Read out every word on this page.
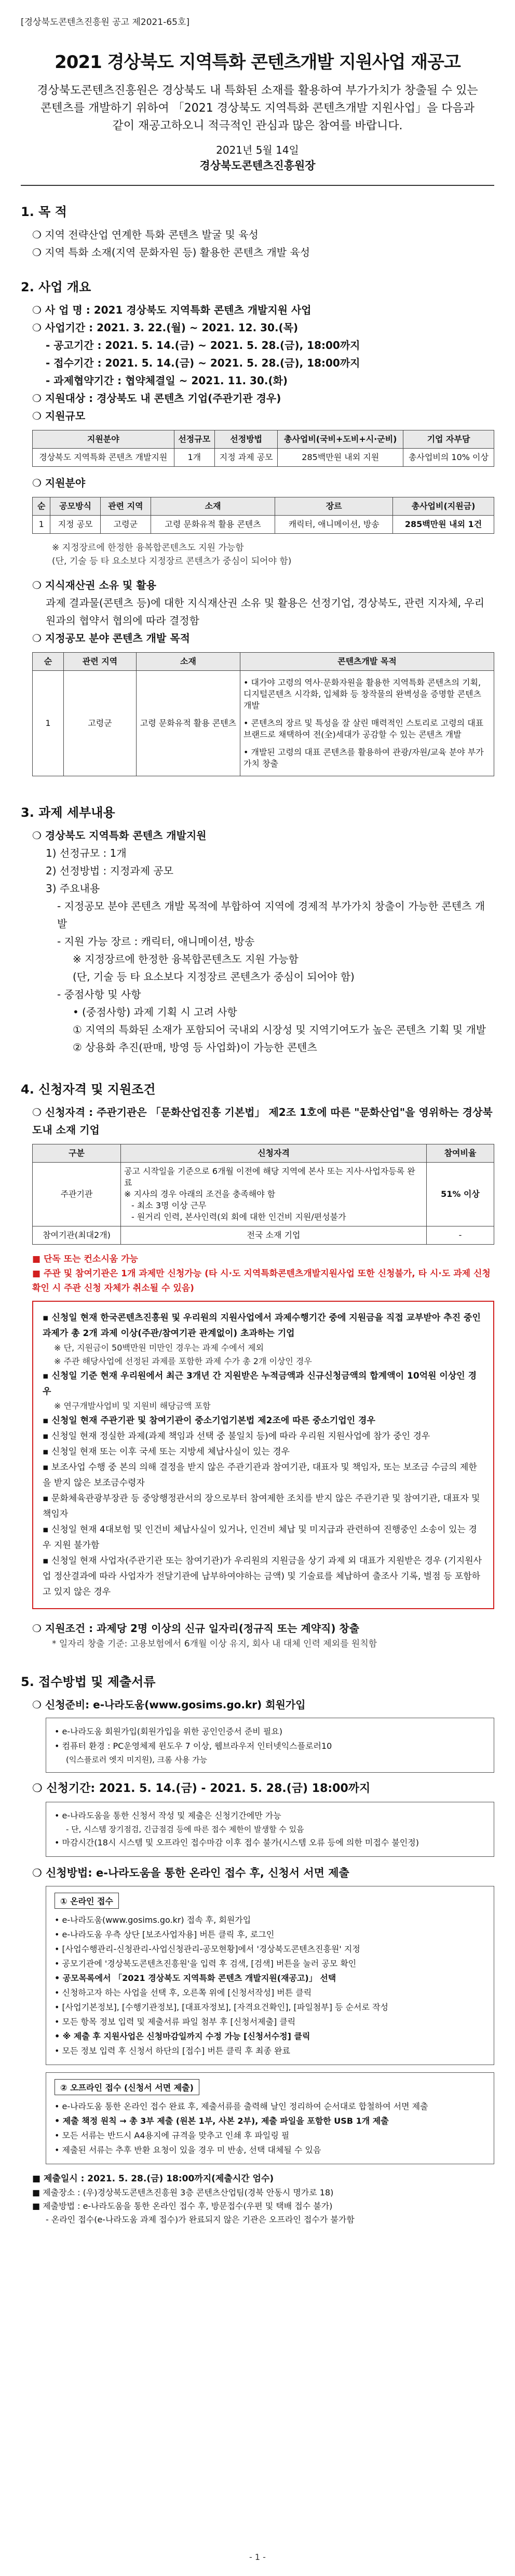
[경상북도콘텐츠진흥원 공고 제2021-65호]
2021 경상북도 지역특화 콘텐츠개발 지원사업 재공고
경상북도콘텐츠진흥원은 경상북도 내 특화된 소재를 활용하여 부가가치가 창출될 수 있는 콘텐츠를 개발하기 위하여 「2021 경상북도 지역특화 콘텐츠개발 지원사업」을 다음과 같이 재공고하오니 적극적인 관심과 많은 참여를 바랍니다.
2021년 5월 14일
경상북도콘텐츠진흥원장
1. 목 적
❍ 지역 전략산업 연계한 특화 콘텐츠 발굴 및 육성
❍ 지역 특화 소재(지역 문화자원 등) 활용한 콘텐츠 개발 육성
2. 사업 개요
❍ 사 업 명 : 2021 경상북도 지역특화 콘텐츠 개발지원 사업
❍ 사업기간 : 2021. 3. 22.(월) ~ 2021. 12. 30.(목)
- 공고기간 : 2021. 5. 14.(금) ~ 2021. 5. 28.(금), 18:00까지
- 접수기간 : 2021. 5. 14.(금) ~ 2021. 5. 28.(금), 18:00까지
- 과제협약기간 : 협약체결일 ~ 2021. 11. 30.(화)
❍ 지원대상 : 경상북도 내 콘텐츠 기업(주관기관 경우)
❍ 지원규모
지원분야	선정규모	선정방법	총사업비(국비+도비+시·군비)	기업 자부담
경상북도 지역특화 콘텐츠 개발지원	1개	지정 과제 공모	285백만원 내외 지원	총사업비의 10% 이상
❍ 지원분야
순	공모방식	관련 지역	소재	장르	총사업비(지원금)
1	지정 공모	고령군	고령 문화유적 활용 콘텐츠	캐릭터, 애니메이션, 방송	285백만원 내외 1건
※ 지정장르에 한정한 융복합콘텐츠도 지원 가능함
(단, 기술 등 타 요소보다 지정장르 콘텐츠가 중심이 되어야 함)
❍ 지식재산권 소유 및 활용
과제 결과물(콘텐츠 등)에 대한 지식재산권 소유 및 활용은 선정기업, 경상북도, 관련 지자체, 우리원과의 협약서 협의에 따라 결정함
❍ 지정공모 분야 콘텐츠 개발 목적
순	관련 지역	소재	콘텐츠개발 목적
1	고령군	고령 문화유적 활용 콘텐츠	• 대가야 고령의 역사·문화자원을 활용한 지역특화 콘텐츠의 기획, 디지털콘텐츠 시각화, 입체화 등 창작물의 완벽성을 증명할 콘텐츠 개발
• 콘텐츠의 장르 및 특성을 잘 살린 매력적인 스토리로 고령의 대표 브랜드로 채택하여 전(全)세대가 공감할 수 있는 콘텐츠 개발
• 개발된 고령의 대표 콘텐츠를 활용하여 관광/자원/교육 분야 부가가치 창출
3. 과제 세부내용
❍ 경상북도 지역특화 콘텐츠 개발지원
1) 선정규모 : 1개
2) 선정방법 : 지정과제 공모
3) 주요내용
- 지정공모 분야 콘텐츠 개발 목적에 부합하여 지역에 경제적 부가가치 창출이 가능한 콘텐츠 개발
- 지원 가능 장르 : 캐릭터, 애니메이션, 방송
※ 지정장르에 한정한 융복합콘텐츠도 지원 가능함
(단, 기술 등 타 요소보다 지정장르 콘텐츠가 중심이 되어야 함)
- 중점사항 및 사항
• (중점사항) 과제 기획 시 고려 사항
① 지역의 특화된 소재가 포함되어 국내외 시장성 및 지역기여도가 높은 콘텐츠 기획 및 개발
② 상용화 추진(판매, 방영 등 사업화)이 가능한 콘텐츠
4. 신청자격 및 지원조건
❍ 신청자격 : 주관기관은 「문화산업진흥 기본법」 제2조 1호에 따른 "문화산업"을 영위하는 경상북도내 소재 기업
구분	신청자격	참여비율
주관기관	공고 시작일을 기준으로 6개월 이전에 해당 지역에 본사 또는 지사·사업자등록 완료
※ 지사의 경우 아래의 조건을 충족해야 함
- 최소 3명 이상 근무
- 원거리 인력, 본사인력(외 회에 대한 인건비 지원/편성불가	51% 이상
참여기관(최대2개)	전국 소재 기업	-
■ 단독 또는 컨소시움 가능
■ 주관 및 참여기관은 1개 과제만 신청가능 (타 시·도 지역특화콘텐츠개발지원사업 또한 신청불가, 타 시·도 과제 신청확인 시 주관 신청 자체가 취소될 수 있음)
▪ 신청일 현재 한국콘텐츠진흥원 및 우리원의 지원사업에서 과제수행기간 중에 지원금을 직접 교부받아 추진 중인 과제가 총 2개 과제 이상(주관/참여기관 관계없이) 초과하는 기업
※ 단, 지원금이 50백만원 미만인 경우는 과제 수에서 제외
※ 주관 해당사업에 선정된 과제를 포함한 과제 수가 총 2개 이상인 경우
▪ 신청일 기준 현재 우리원에서 최근 3개년 간 지원받은 누적금액과 신규신청금액의 합계액이 10억원 이상인 경우
※ 연구개발사업비 및 지원비 해당금액 포함
▪ 신청일 현재 주관기관 및 참여기관이 중소기업기본법 제2조에 따른 중소기업인 경우
▪ 신청일 현재 정실한 과제(과제 책임과 선택 중 불일치 등)에 따라 우리원 지원사업에 참가 중인 경우
▪ 신청일 현재 또는 이후 국세 또는 지방세 체납사실이 있는 경우
▪ 보조사업 수행 중 본의 의해 결정을 받지 않은 주관기관과 참여기관, 대표자 및 책임자, 또는 보조금 수금의 제한을 받지 않은 보조금수령자
▪ 문화체육관광부장관 등 중앙행정관서의 장으로부터 참여제한 조치를 받지 않은 주관기관 및 참여기관, 대표자 및 책임자
▪ 신청일 현재 4대보험 및 인건비 체납사실이 있거나, 인건비 체납 및 미지급과 관련하여 진행중인 소송이 있는 경우 지원 불가함
▪ 신청일 현재 사업자(주관기관 또는 참여기관)가 우리원의 지원금을 상기 과제 외 대표가 지원받은 경우 (기지원사업 정산결과에 따라 사업자가 전달기관에 납부하여야하는 금액) 및 기술료를 체납하여 출조사 기록, 벌점 등 포함하고 있지 않은 경우
❍ 지원조건 : 과제당 2명 이상의 신규 일자리(정규직 또는 계약직) 창출
* 일자리 창출 기준: 고용보험에서 6개월 이상 유지, 회사 내 대체 인력 제외를 원칙함
5. 접수방법 및 제출서류
❍ 신청준비: e-나라도움(www.gosims.go.kr) 회원가입
• e-나라도움 회원가입(회원가입을 위한 공인인증서 준비 필요)
• 컴퓨터 환경 : PC운영체제 윈도우 7 이상, 웹브라우저 인터넷익스플로러10
(익스플로러 엣지 미지원), 크롬 사용 가능
❍ 신청기간: 2021. 5. 14.(금) - 2021. 5. 28.(금) 18:00까지
• e-나라도움을 통한 신청서 작성 및 제출은 신청기간에만 가능
- 단, 시스템 장기점검, 긴급점검 등에 따른 접수 제한이 발생할 수 있음
• 마감시간(18시 시스템 및 오프라인 접수마감 이후 접수 불가(시스템 오류 등에 의한 미접수 불인정)
❍ 신청방법: e-나라도움을 통한 온라인 접수 후, 신청서 서면 제출
① 온라인 접수
• e-나라도움(www.gosims.go.kr) 접속 후, 회원가입
• e-나라도움 우측 상단 [보조사업자용] 버튼 클릭 후, 로그인
• [사업수행관리-신청관리-사업신청관리-공모현황]에서 '경상북도콘텐츠진흥원' 지정
• 공모기관에 '경상북도콘텐츠진흥원'을 입력 후 검색, [검색] 버튼을 눌러 공모 확인
• 공모목록에서 「2021 경상북도 지역특화 콘텐츠 개발지원(재공고)」 선택
• 신청하고자 하는 사업을 선택 후, 오른쪽 위에 [신청서작성] 버튼 클릭
• [사업기본정보], [수행기관정보], [대표자정보], [자격요건확인], [파일첨부] 등 순서로 작성
• 모든 항목 정보 입력 및 제출서류 파일 첨부 후 [신청서제출] 클릭
• ※ 제출 후 지원사업은 신청마감일까지 수정 가능 [신청서수정] 클릭
• 모든 정보 입력 후 신청서 하단의 [접수] 버튼 클릭 후 최종 완료
② 오프라인 접수 (신청서 서면 제출)
• e-나라도움 통한 온라인 접수 완료 후, 제출서류를 출력해 날인 정리하여 순서대로 합철하여 서면 제출
• 제출 책정 원칙 → 총 3부 제출 (원본 1부, 사본 2부), 제출 파일을 포함한 USB 1개 제출
• 모든 서류는 반드시 A4용지에 규격을 맞추고 인쇄 후 파일링 필
• 제출된 서류는 추후 반환 요청이 있을 경우 미 반송, 선택 대체될 수 있음
■ 제출일시 : 2021. 5. 28.(금) 18:00까지(제출시간 엄수)
■ 제출장소 : (우)경상북도콘텐츠진흥원 3층 콘텐츠산업팀(경북 안동시 명가로 18)
■ 제출방법 : e-나라도움을 통한 온라인 접수 후, 방문접수(우편 및 택배 접수 불가)
- 온라인 접수(e-나라도움 과제 접수)가 완료되지 않은 기관은 오프라인 접수가 불가함
- 1 -
